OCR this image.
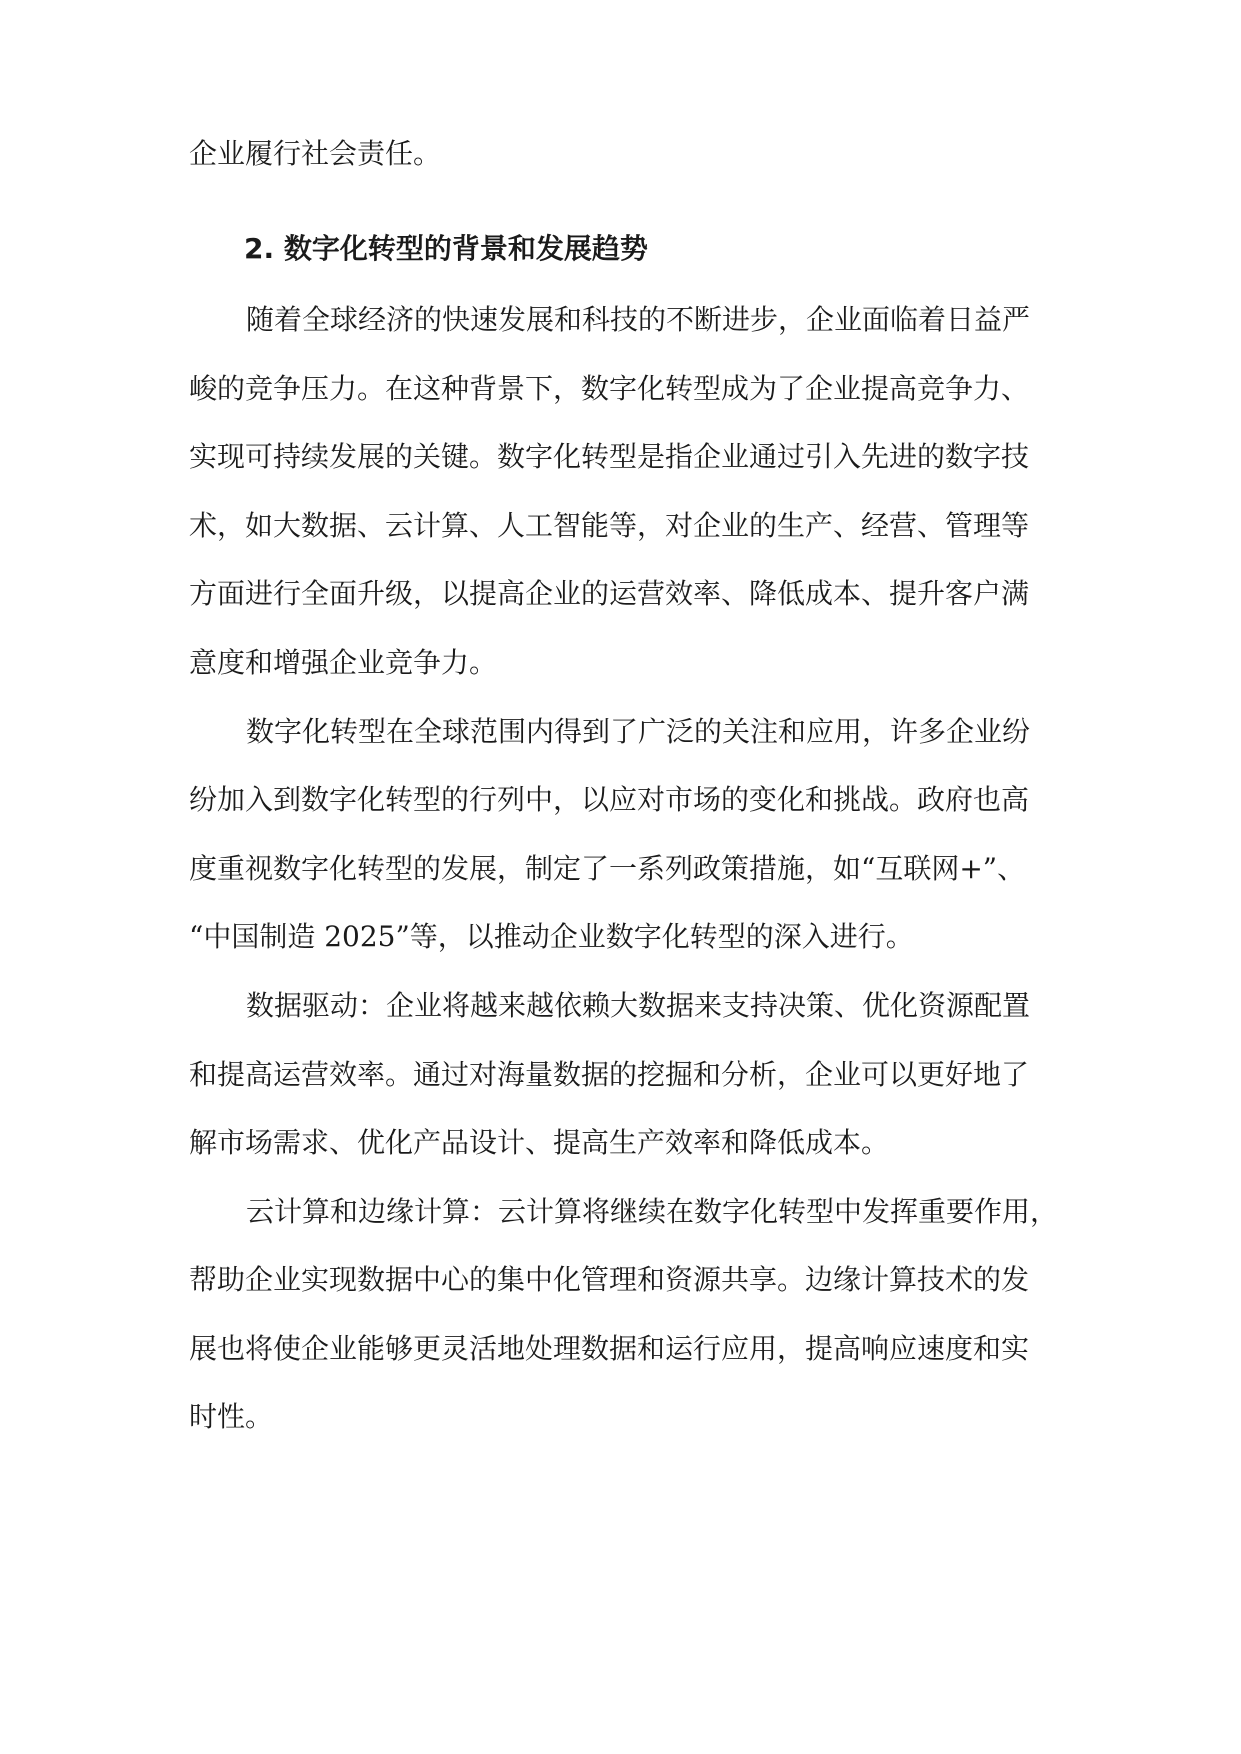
企业履行社会责任。
2. 数字化转型的背景和发展趋势
随着全球经济的快速发展和科技的不断进步，企业面临着日益严
峻的竞争压力。在这种背景下，数字化转型成为了企业提高竞争力、
实现可持续发展的关键。数字化转型是指企业通过引入先进的数字技
术，如大数据、云计算、人工智能等，对企业的生产、经营、管理等
方面进行全面升级，以提高企业的运营效率、降低成本、提升客户满
意度和增强企业竞争力。
数字化转型在全球范围内得到了广泛的关注和应用，许多企业纷
纷加入到数字化转型的行列中，以应对市场的变化和挑战。政府也高
度重视数字化转型的发展，制定了一系列政策措施，如“互联网+”、
“中国制造 2025”等，以推动企业数字化转型的深入进行。
数据驱动：企业将越来越依赖大数据来支持决策、优化资源配置
和提高运营效率。通过对海量数据的挖掘和分析，企业可以更好地了
解市场需求、优化产品设计、提高生产效率和降低成本。
云计算和边缘计算：云计算将继续在数字化转型中发挥重要作用，
帮助企业实现数据中心的集中化管理和资源共享。边缘计算技术的发
展也将使企业能够更灵活地处理数据和运行应用，提高响应速度和实
时性。
